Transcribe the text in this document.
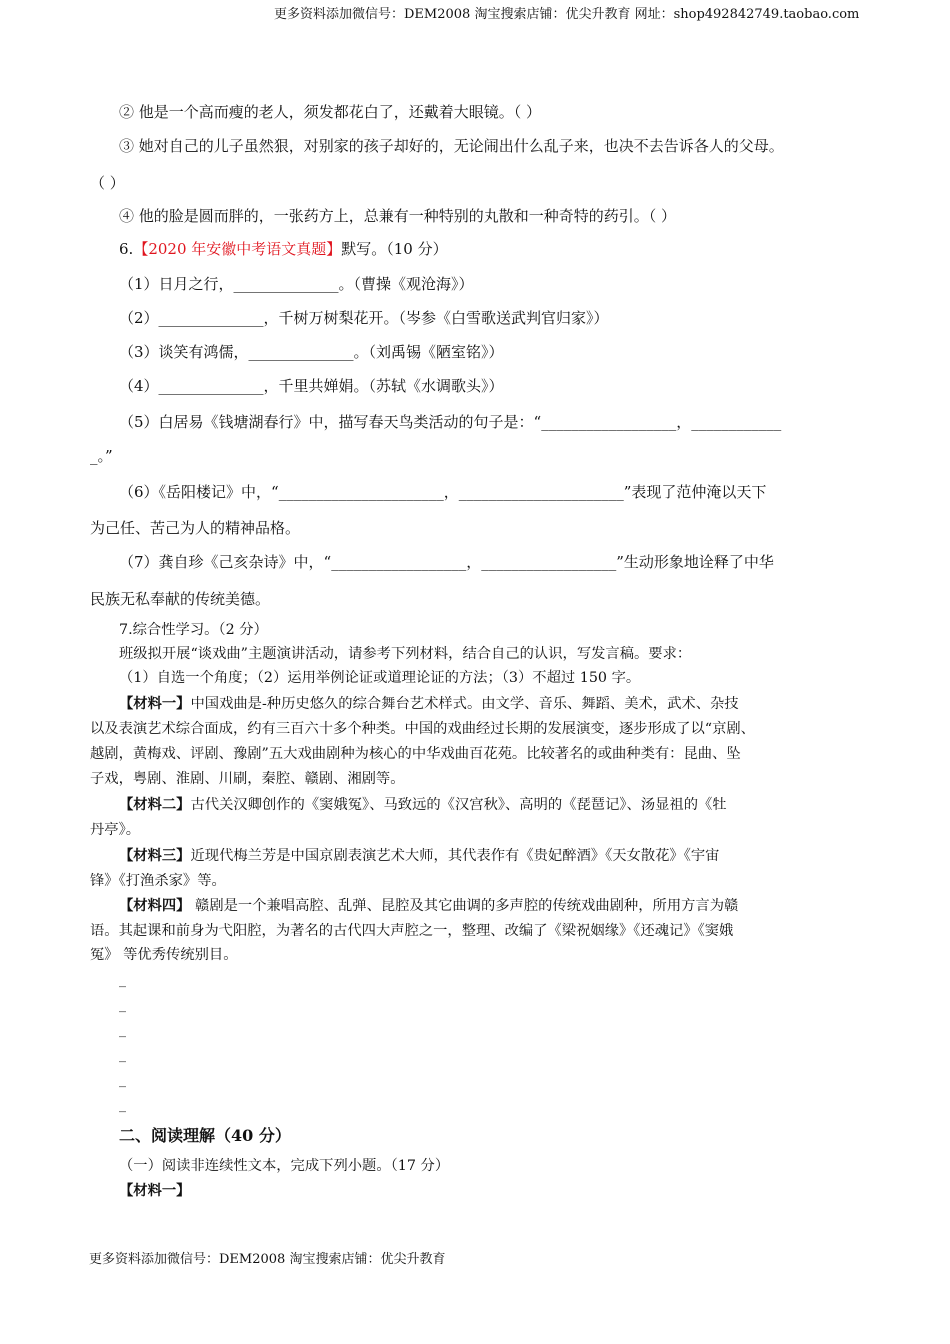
更多资料添加微信号：DEM2008 淘宝搜索店铺：优尖升教育 网址：shop492842749.taobao.com
② 他是一个高而瘦的老人，须发都花白了，还戴着大眼镜。（ ）
③ 她对自己的儿子虽然狠，对别家的孩子却好的，无论闹出什么乱子来，也决不去告诉各人的父母。
（ ）
④ 他的脸是圆而胖的，一张药方上，总兼有一种特别的丸散和一种奇特的药引。（ ）
6.【2020 年安徽中考语文真题】默写。（10 分）
（1）日月之行，______________。（曹操《观沧海》）
（2）______________，千树万树梨花开。（岑参《白雪歌送武判官归家》）
（3）谈笑有鸿儒，______________。（刘禹锡《陋室铭》）
（4）______________，千里共婵娟。（苏轼《水调歌头》）
（5）白居易《钱塘湖春行》中，描写春天鸟类活动的句子是：“__________________，____________
_。”
（6）《岳阳楼记》中，“______________________，______________________”表现了范仲淹以天下
为己任、苦己为人的精神品格。
（7）龚自珍《己亥杂诗》中，“__________________，__________________”生动形象地诠释了中华
民族无私奉献的传统美德。
7.综合性学习。（2 分）
班级拟开展“谈戏曲”主题演讲活动，请参考下列材料，结合自己的认识，写发言稿。要求：
（1）自选一个角度；（2）运用举例论证或道理论证的方法；（3）不超过 150 字。
【材料一】中国戏曲是-种历史悠久的综合舞台艺术样式。由文学、音乐、舞蹈、美术，武术、杂技
以及表演艺术综合面成，约有三百六十多个种类。中国的戏曲经过长期的发展演变，逐步形成了以“京剧、
越剧，黄梅戏、评剧、豫剧”五大戏曲剧种为核心的中华戏曲百花苑。比较著名的或曲种类有：昆曲、坠
子戏，粤剧、淮剧、川刷，秦腔、赣剧、湘剧等。
【材料二】古代关汉卿创作的《窦娥冤》、马致远的《汉宫秋》、高明的《琵琶记》、汤显祖的《牡
丹亭》。
【材料三】近现代梅兰芳是中国京剧表演艺术大师，其代表作有《贵妃醉酒》《天女散花》《宇宙
锋》《打渔杀家》等。
【材料四】 赣剧是一个兼唱高腔、乱弹、昆腔及其它曲调的多声腔的传统戏曲剧种，所用方言为赣
语。其起课和前身为弋阳腔，为著名的古代四大声腔之一，整理、改编了《梁祝姻缘》《还魂记》《窦娥
冤》 等优秀传统别目。
_
_
_
_
_
_
二、阅读理解（40 分）
（一）阅读非连续性文本，完成下列小题。（17 分）
【材料一】
更多资料添加微信号：DEM2008 淘宝搜索店铺：优尖升教育
